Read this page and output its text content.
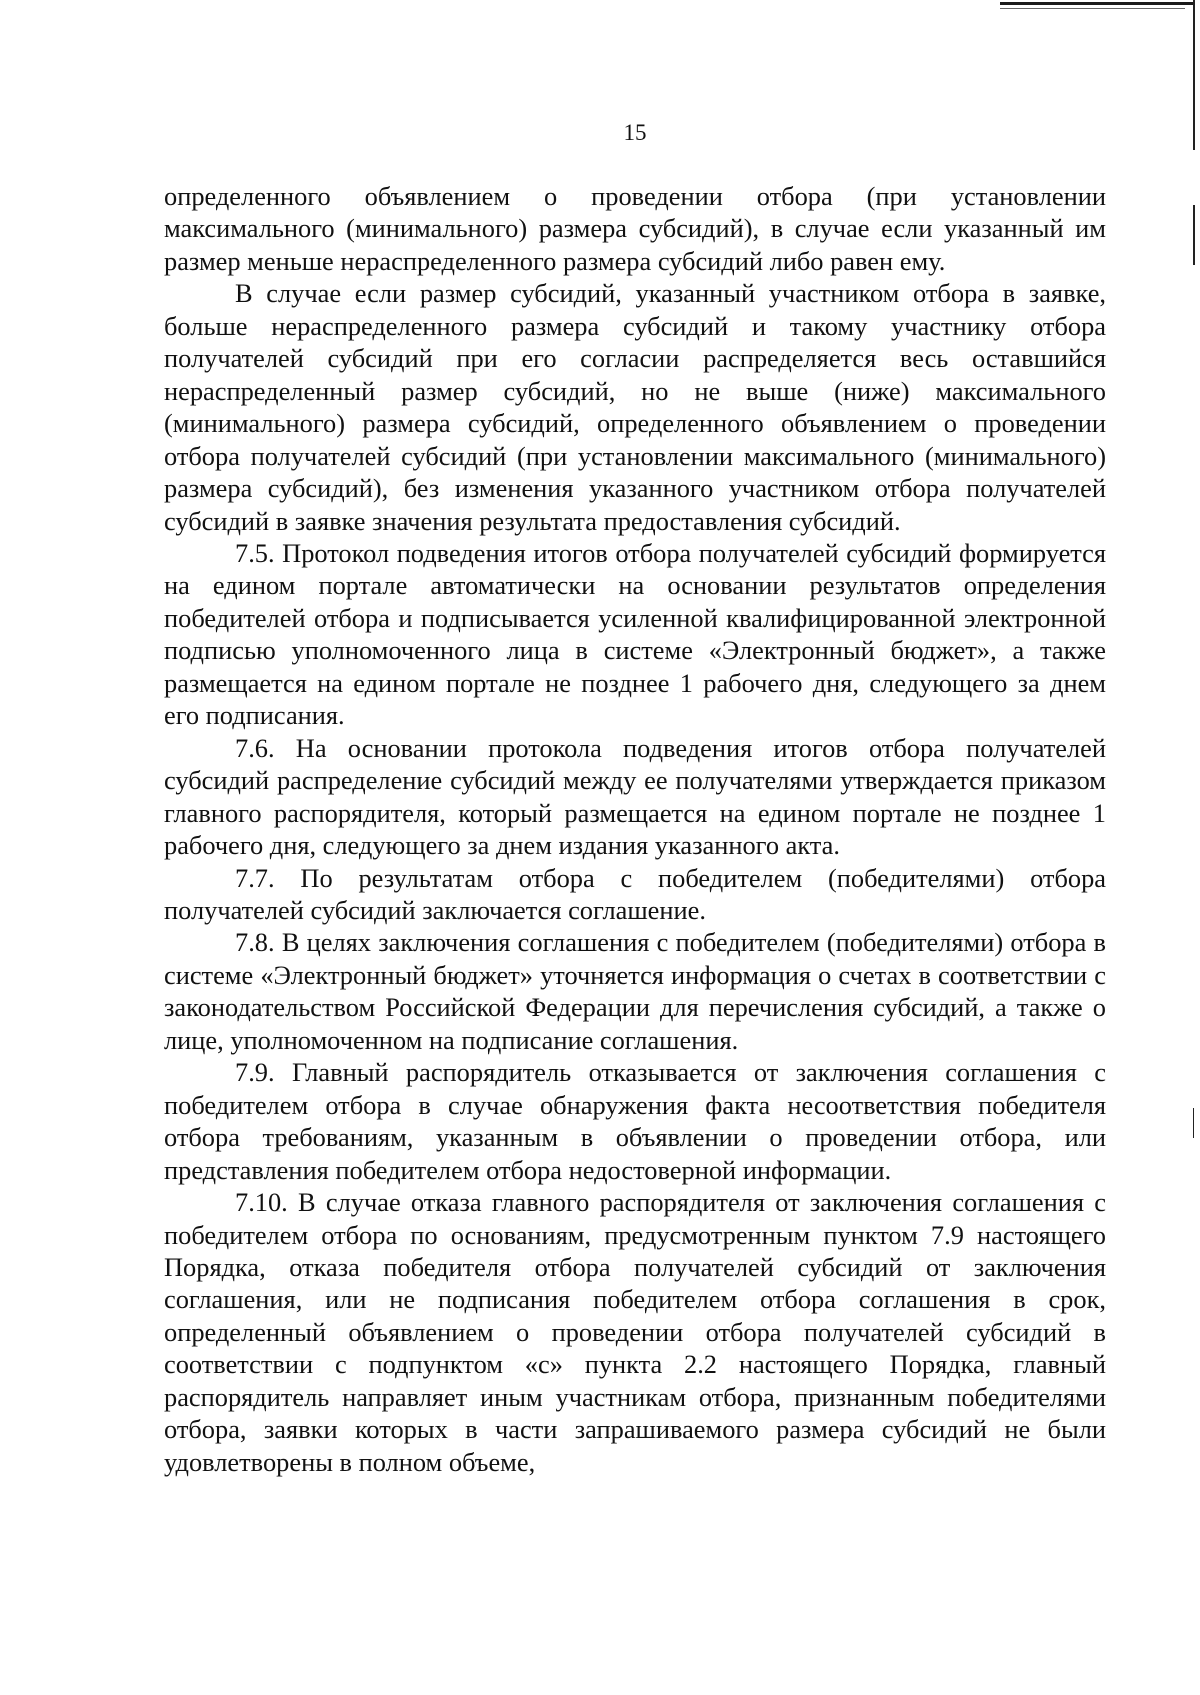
15

определенного объявлением о проведении отбора (при установлении максимального (минимального) размера субсидий), в случае если указанный им размер меньше нераспределенного размера субсидий либо равен ему.

В случае если размер субсидий, указанный участником отбора в заявке, больше нераспределенного размера субсидий и такому участнику отбора получателей субсидий при его согласии распределяется весь оставшийся нераспределенный размер субсидий, но не выше (ниже) максимального (минимального) размера субсидий, определенного объявлением о проведении отбора получателей субсидий (при установлении максимального (минимального) размера субсидий), без изменения указанного участником отбора получателей субсидий в заявке значения результата предоставления субсидий.

7.5. Протокол подведения итогов отбора получателей субсидий формируется на едином портале автоматически на основании результатов определения победителей отбора и подписывается усиленной квалифицированной электронной подписью уполномоченного лица в системе «Электронный бюджет», а также размещается на едином портале не позднее 1 рабочего дня, следующего за днем его подписания.

7.6. На основании протокола подведения итогов отбора получателей субсидий распределение субсидий между ее получателями утверждается приказом главного распорядителя, который размещается на едином портале не позднее 1 рабочего дня, следующего за днем издания указанного акта.

7.7. По результатам отбора с победителем (победителями) отбора получателей субсидий заключается соглашение.

7.8. В целях заключения соглашения с победителем (победителями) отбора в системе «Электронный бюджет» уточняется информация о счетах в соответствии с законодательством Российской Федерации для перечисления субсидий, а также о лице, уполномоченном на подписание соглашения.

7.9. Главный распорядитель отказывается от заключения соглашения с победителем отбора в случае обнаружения факта несоответствия победителя отбора требованиям, указанным в объявлении о проведении отбора, или представления победителем отбора недостоверной информации.

7.10. В случае отказа главного распорядителя от заключения соглашения с победителем отбора по основаниям, предусмотренным пунктом 7.9 настоящего Порядка, отказа победителя отбора получателей субсидий от заключения соглашения, или не подписания победителем отбора соглашения в срок, определенный объявлением о проведении отбора получателей субсидий в соответствии с подпунктом «с» пункта 2.2 настоящего Порядка, главный распорядитель направляет иным участникам отбора, признанным победителями отбора, заявки которых в части запрашиваемого размера субсидий не были удовлетворены в полном объеме,
